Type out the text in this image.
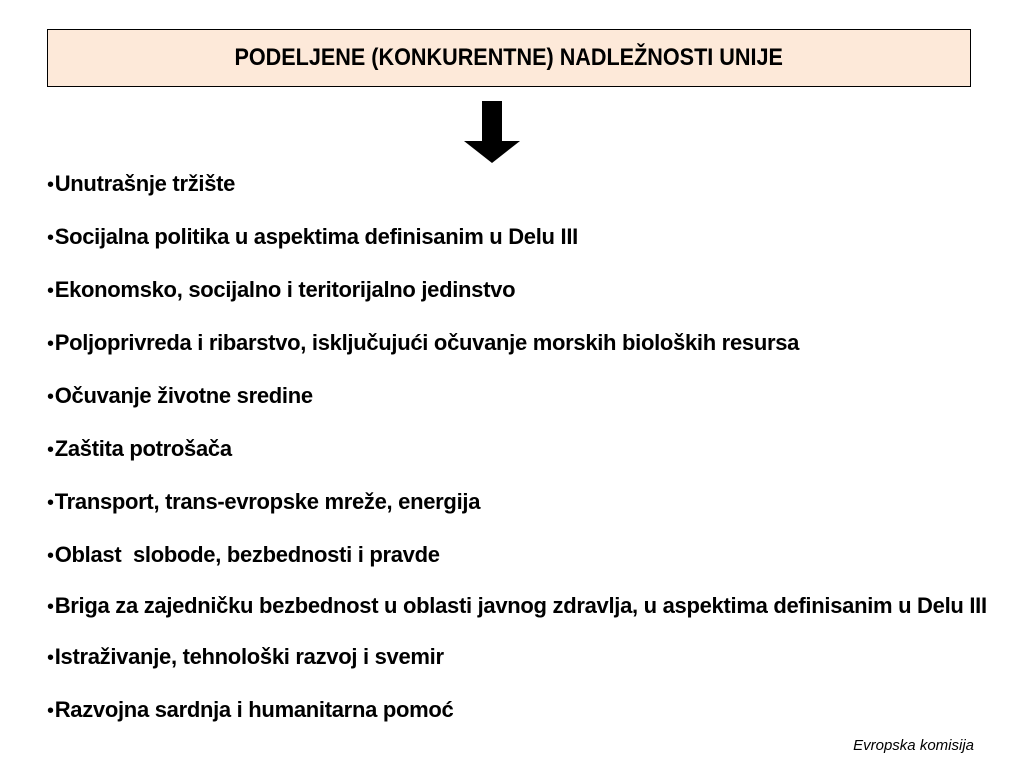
PODELJENE (KONKURENTNE) NADLEŽNOSTI UNIJE
•Unutrašnje tržište
•Socijalna politika u aspektima definisanim u Delu III
•Ekonomsko, socijalno i teritorijalno jedinstvo
•Poljoprivreda i ribarstvo, isključujući očuvanje morskih bioloških resursa
•Očuvanje životne sredine
•Zaštita potrošača
•Transport, trans-evropske mreže, energija
•Oblast  slobode, bezbednosti i pravde
•Briga za zajedničku bezbednost u oblasti javnog zdravlja, u aspektima definisanim u Delu III
•Istraživanje, tehnološki razvoj i svemir
•Razvojna sardnja i humanitarna pomoć
Evropska komisija
